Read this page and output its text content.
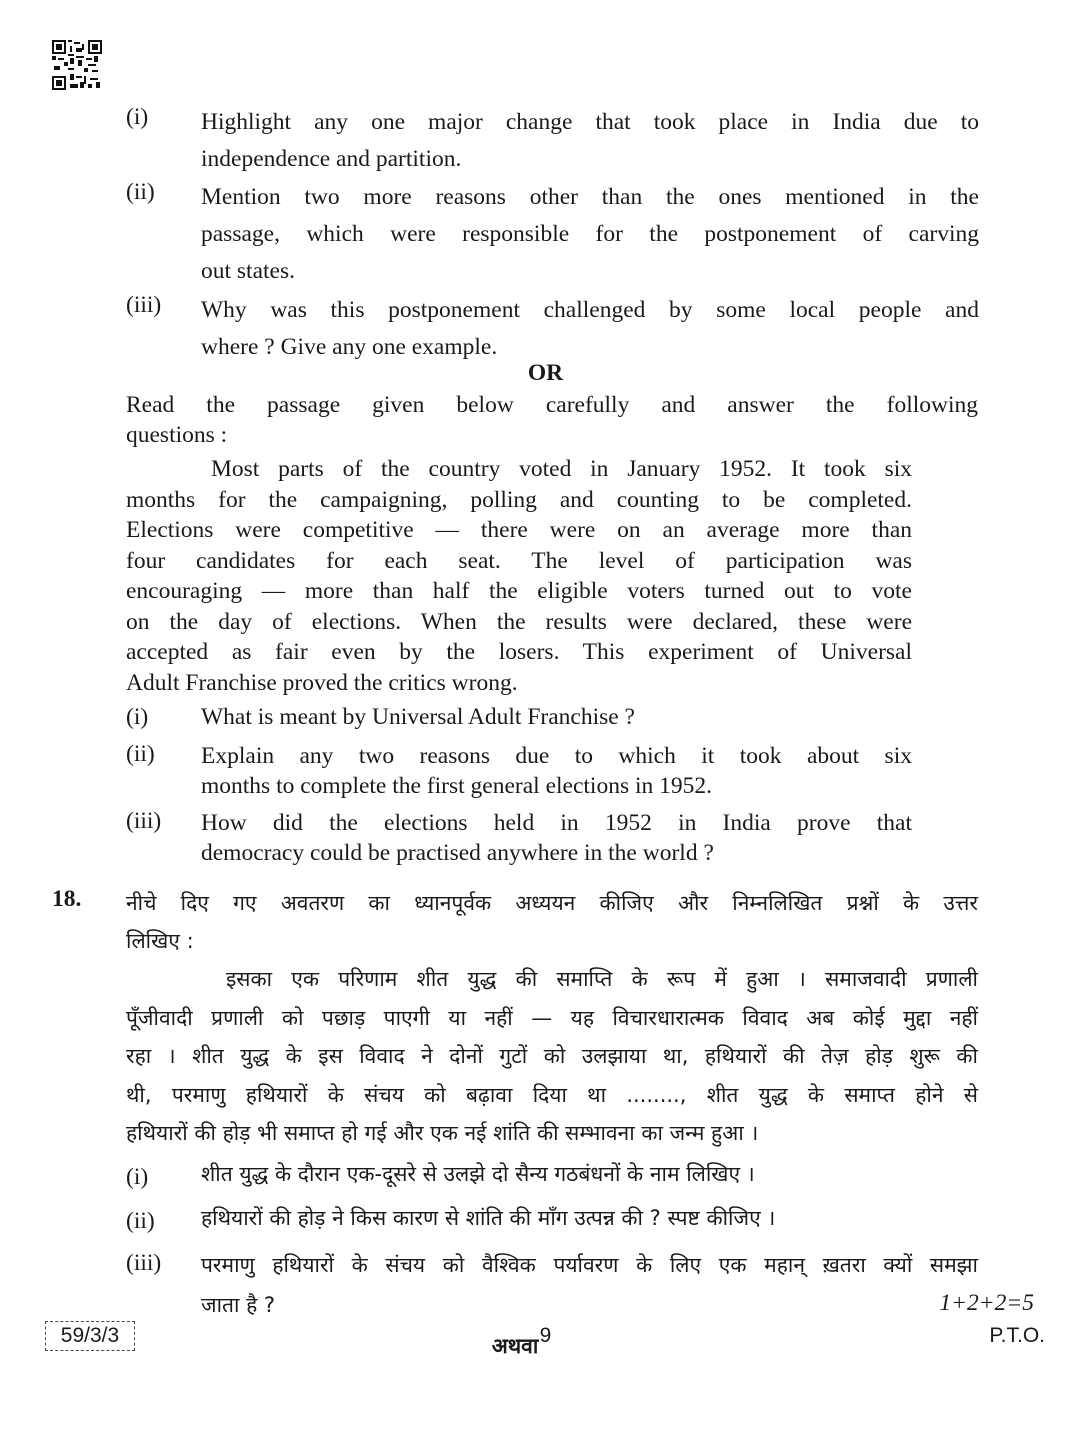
(i)	Highlight any one major change that took place in India due to
independence and partition.
(ii)	Mention two more reasons other than the ones mentioned in the
passage, which were responsible for the postponement of carving
out states.
(iii)	Why was this postponement challenged by some local people and
where ? Give any one example.
OR
Read the passage given below carefully and answer the following
questions :
Most parts of the country voted in January 1952. It took six
months for the campaigning, polling and counting to be completed.
Elections were competitive — there were on an average more than
four candidates for each seat. The level of participation was
encouraging — more than half the eligible voters turned out to vote
on the day of elections. When the results were declared, these were
accepted as fair even by the losers. This experiment of Universal
Adult Franchise proved the critics wrong.
(i)	What is meant by Universal Adult Franchise ?
(ii)	Explain any two reasons due to which it took about six
months to complete the first general elections in 1952.
(iii)	How did the elections held in 1952 in India prove that
democracy could be practised anywhere in the world ?
18. नीचे दिए गए अवतरण का ध्यानपूर्वक अध्ययन कीजिए और निम्नलिखित प्रश्नों के उत्तर
लिखिए :
इसका एक परिणाम शीत युद्ध की समाप्ति के रूप में हुआ । समाजवादी प्रणाली
पूँजीवादी प्रणाली को पछाड़ पाएगी या नहीं — यह विचारधारात्मक विवाद अब कोई मुद्दा नहीं
रहा । शीत युद्ध के इस विवाद ने दोनों गुटों को उलझाया था, हथियारों की तेज़ होड़ शुरू की
थी, परमाणु हथियारों के संचय को बढ़ावा दिया था ........, शीत युद्ध के समाप्त होने से
हथियारों की होड़ भी समाप्त हो गई और एक नई शांति की सम्भावना का जन्म हुआ ।
(i)	शीत युद्ध के दौरान एक-दूसरे से उलझे दो सैन्य गठबंधनों के नाम लिखिए ।
(ii)	हथियारों की होड़ ने किस कारण से शांति की माँग उत्पन्न की ? स्पष्ट कीजिए ।
(iii)	परमाणु हथियारों के संचय को वैश्विक पर्यावरण के लिए एक महान् ख़तरा क्यों समझा
जाता है ?	1+2+2=5
अथवा
59/3/3	9	P.T.O.
